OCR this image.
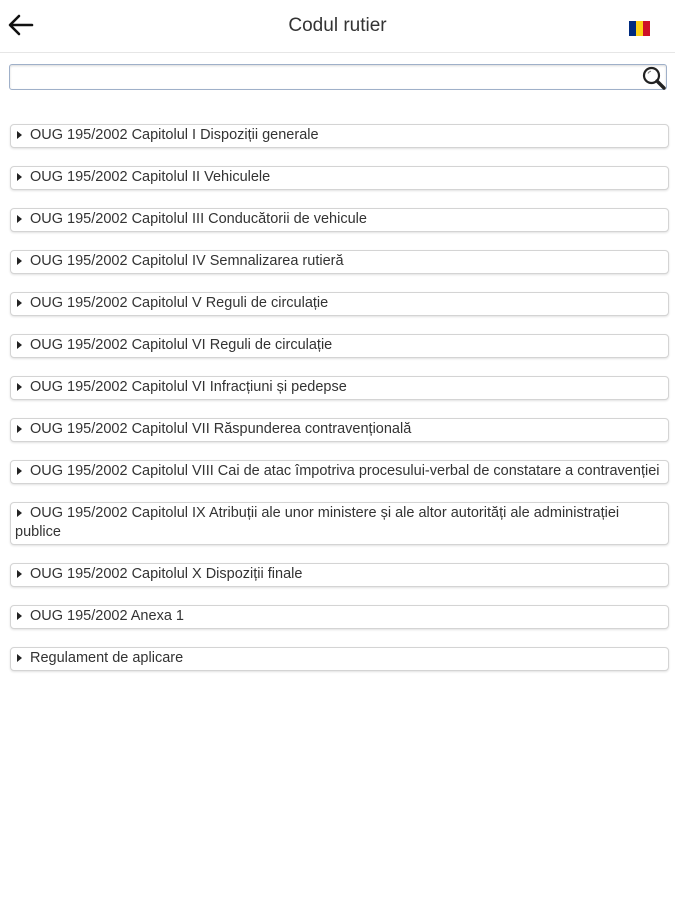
Codul rutier
OUG 195/2002 Capitolul I Dispoziții generale
OUG 195/2002 Capitolul II Vehiculele
OUG 195/2002 Capitolul III Conducătorii de vehicule
OUG 195/2002 Capitolul IV Semnalizarea rutieră
OUG 195/2002 Capitolul V Reguli de circulație
OUG 195/2002 Capitolul VI Reguli de circulație
OUG 195/2002 Capitolul VI Infracțiuni și pedepse
OUG 195/2002 Capitolul VII Răspunderea contravențională
OUG 195/2002 Capitolul VIII Cai de atac împotriva procesului-verbal de constatare a contravenției
OUG 195/2002 Capitolul IX Atribuții ale unor ministere și ale altor autorități ale administrației publice
OUG 195/2002 Capitolul X Dispoziții finale
OUG 195/2002 Anexa 1
Regulament de aplicare
